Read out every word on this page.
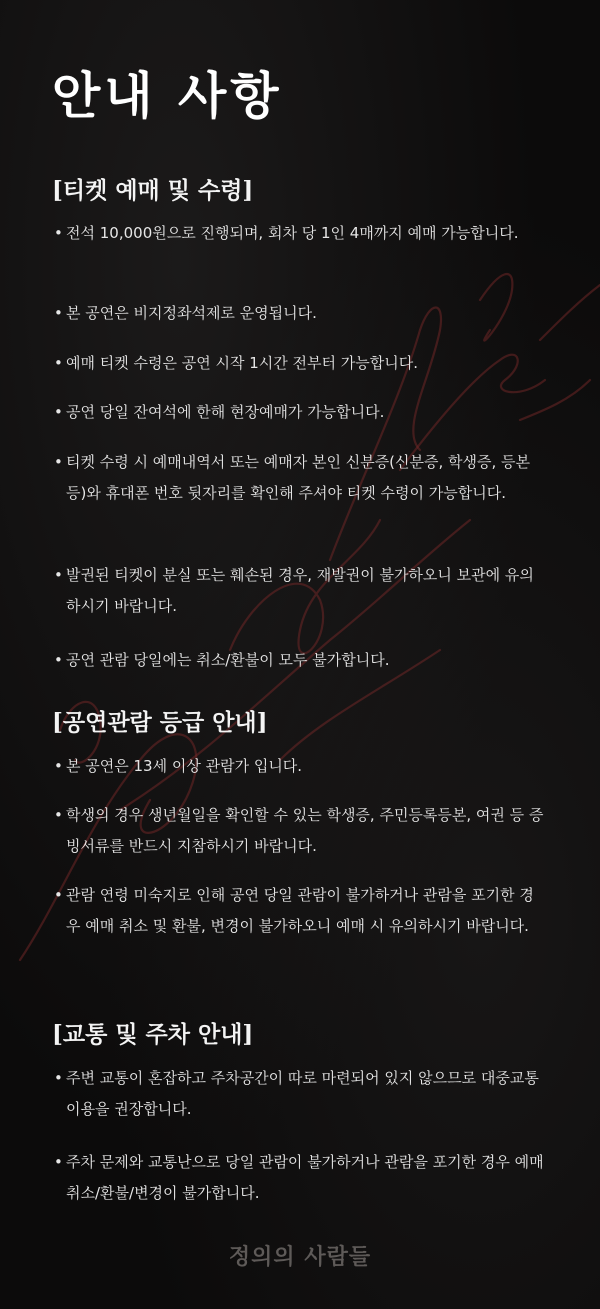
안내 사항
[티켓 예매 및 수령]
• 전석 10,000원으로 진행되며, 회차 당 1인 4매까지 예매 가능합니다.
• 본 공연은 비지정좌석제로 운영됩니다.
• 예매 티켓 수령은 공연 시작 1시간 전부터 가능합니다.
• 공연 당일 잔여석에 한해 현장예매가 가능합니다.
• 티켓 수령 시 예매내역서 또는 예매자 본인 신분증(신분증, 학생증, 등본 등)와 휴대폰 번호 뒷자리를 확인해 주셔야 티켓 수령이 가능합니다.
• 발권된 티켓이 분실 또는 훼손된 경우, 재발권이 불가하오니 보관에 유의하시기 바랍니다.
• 공연 관람 당일에는 취소/환불이 모두 불가합니다.
[공연관람 등급 안내]
• 본 공연은 13세 이상 관람가 입니다.
• 학생의 경우 생년월일을 확인할 수 있는 학생증, 주민등록등본, 여권 등 증빙서류를 반드시 지참하시기 바랍니다.
• 관람 연령 미숙지로 인해 공연 당일 관람이 불가하거나 관람을 포기한 경우 예매 취소 및 환불, 변경이 불가하오니 예매 시 유의하시기 바랍니다.
[교통 및 주차 안내]
• 주변 교통이 혼잡하고 주차공간이 따로 마련되어 있지 않으므로 대중교통 이용을 권장합니다.
• 주차 문제와 교통난으로 당일 관람이 불가하거나 관람을 포기한 경우 예매 취소/환불/변경이 불가합니다.
정의의 사람들
